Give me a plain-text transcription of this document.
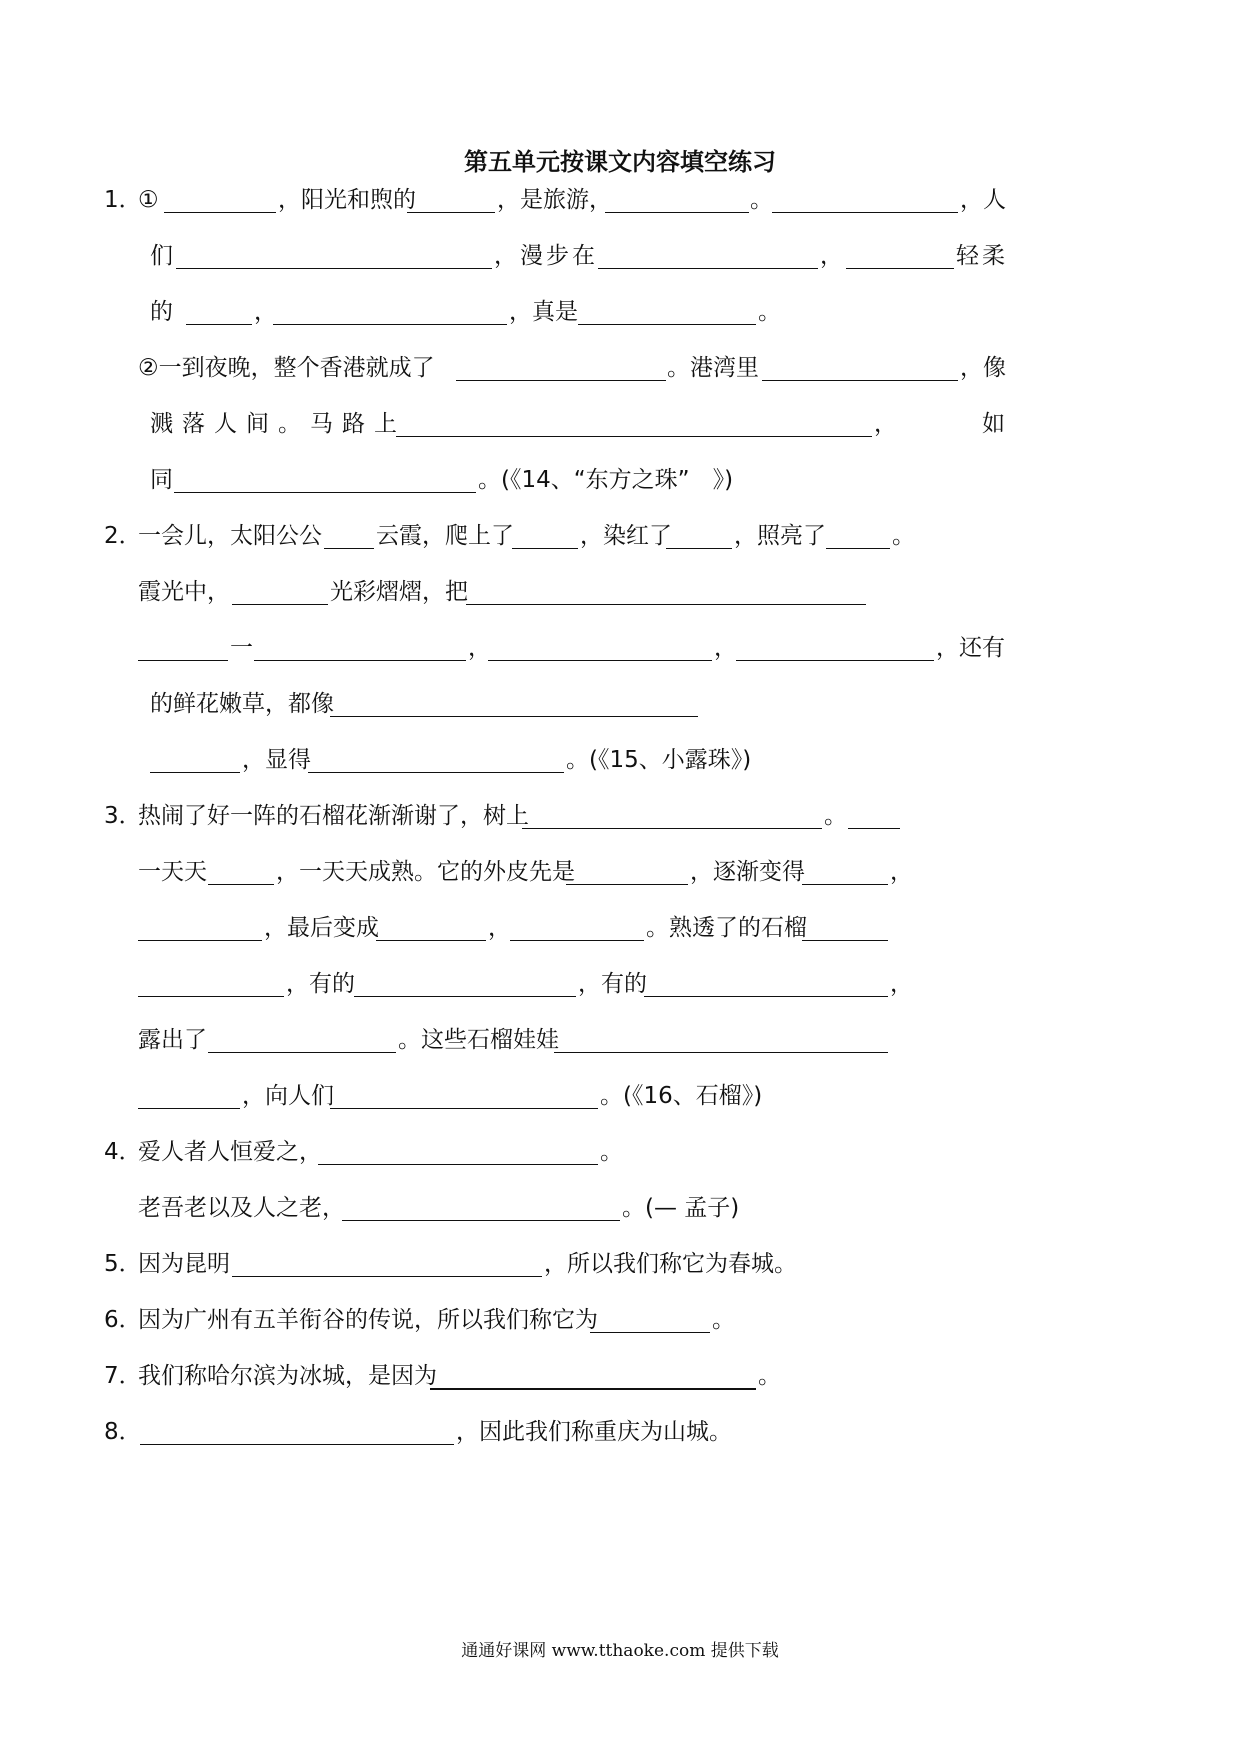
第五单元按课文内容填空练习
1．
①	，阳光和煦的	，是旅游，	。	，人
们	，漫步在	，	轻柔
的	，	，真是	。
②一到夜晚，整个香港就成了	。港湾里	，像
溅落人间。马路上	，	如
同	。(《14、“东方之珠”　》)
2．
一会儿，太阳公公 云霞，爬上了	，染红了	，照亮了	。
霞光中，	光彩熠熠，把
一	，	，	，还有
的鲜花嫩草，都像
，显得	。(《15、小露珠》)
3．
热闹了好一阵的石榴花渐渐谢了，树上	。
一天天	，一天天成熟。它的外皮先是	，逐渐变得	，
，最后变成	，	。熟透了的石榴
，有的	，有的	，
露出了	。这些石榴娃娃
，向人们	。(《16、石榴》)
4．
爱人者人恒爱之，	。
老吾老以及人之老，	。(— 孟子)
5．
因为昆明	，所以我们称它为春城。
6．
因为广州有五羊衔谷的传说，所以我们称它为	。
7．
我们称哈尔滨为冰城，是因为	。
8．	，因此我们称重庆为山城。
通通好课网 www.tthaoke.com 提供下载
